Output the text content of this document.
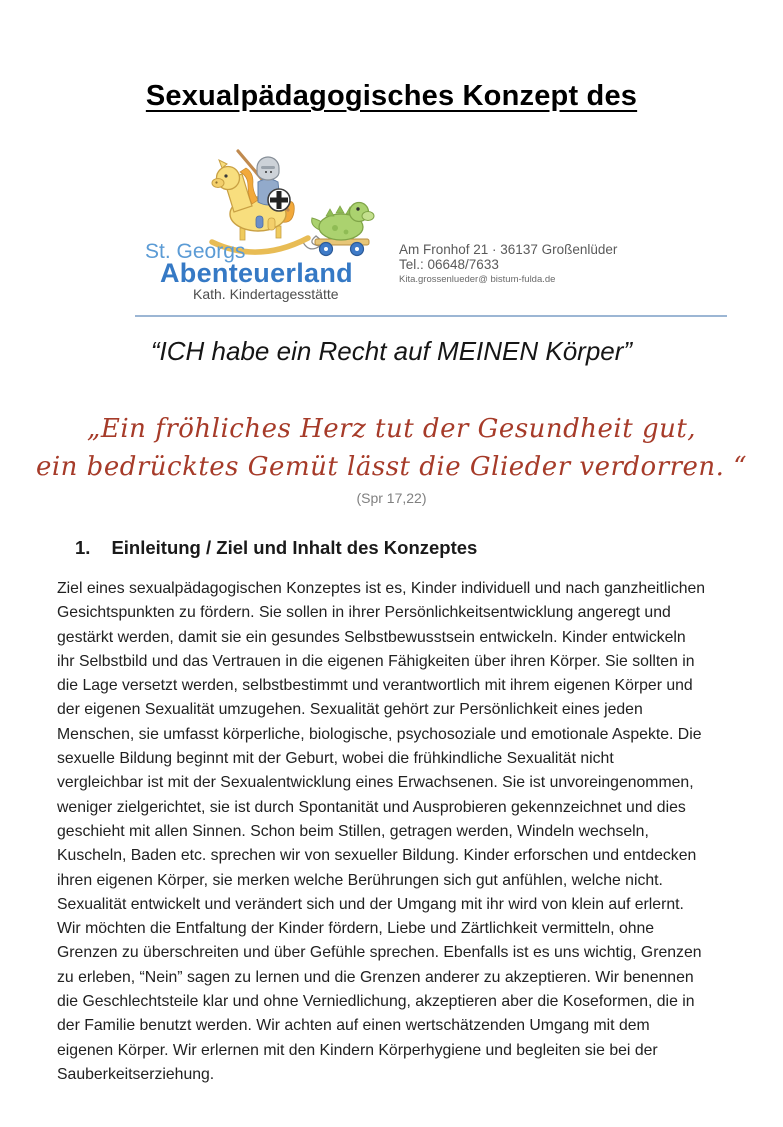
Sexualpädagogisches Konzept des
St. Georgs
Abenteuerland
Kath. Kindertagesstätte
Am Fronhof 21 · 36137 Großenlüder
Tel.: 06648/7633
Kita.grossenlueder@ bistum-fulda.de
“ICH habe ein Recht auf MEINEN Körper”
„Ein fröhliches Herz tut der Gesundheit gut,
ein bedrücktes Gemüt lässt die Glieder verdorren. “
(Spr 17,22)
1. Einleitung / Ziel und Inhalt des Konzeptes
Ziel eines sexualpädagogischen Konzeptes ist es, Kinder individuell und nach ganzheitlichen
Gesichtspunkten zu fördern. Sie sollen in ihrer Persönlichkeitsentwicklung angeregt und
gestärkt werden, damit sie ein gesundes Selbstbewusstsein entwickeln. Kinder entwickeln
ihr Selbstbild und das Vertrauen in die eigenen Fähigkeiten über ihren Körper. Sie sollten in
die Lage versetzt werden, selbstbestimmt und verantwortlich mit ihrem eigenen Körper und
der eigenen Sexualität umzugehen. Sexualität gehört zur Persönlichkeit eines jeden
Menschen, sie umfasst körperliche, biologische, psychosoziale und emotionale Aspekte. Die
sexuelle Bildung beginnt mit der Geburt, wobei die frühkindliche Sexualität nicht
vergleichbar ist mit der Sexualentwicklung eines Erwachsenen. Sie ist unvoreingenommen,
weniger zielgerichtet, sie ist durch Spontanität und Ausprobieren gekennzeichnet und dies
geschieht mit allen Sinnen. Schon beim Stillen, getragen werden, Windeln wechseln,
Kuscheln, Baden etc. sprechen wir von sexueller Bildung. Kinder erforschen und entdecken
ihren eigenen Körper, sie merken welche Berührungen sich gut anfühlen, welche nicht.
Sexualität entwickelt und verändert sich und der Umgang mit ihr wird von klein auf erlernt.
Wir möchten die Entfaltung der Kinder fördern, Liebe und Zärtlichkeit vermitteln, ohne
Grenzen zu überschreiten und über Gefühle sprechen. Ebenfalls ist es uns wichtig, Grenzen
zu erleben, “Nein” sagen zu lernen und die Grenzen anderer zu akzeptieren. Wir benennen
die Geschlechtsteile klar und ohne Verniedlichung, akzeptieren aber die Koseformen, die in
der Familie benutzt werden. Wir achten auf einen wertschätzenden Umgang mit dem
eigenen Körper. Wir erlernen mit den Kindern Körperhygiene und begleiten sie bei der
Sauberkeitserziehung.
